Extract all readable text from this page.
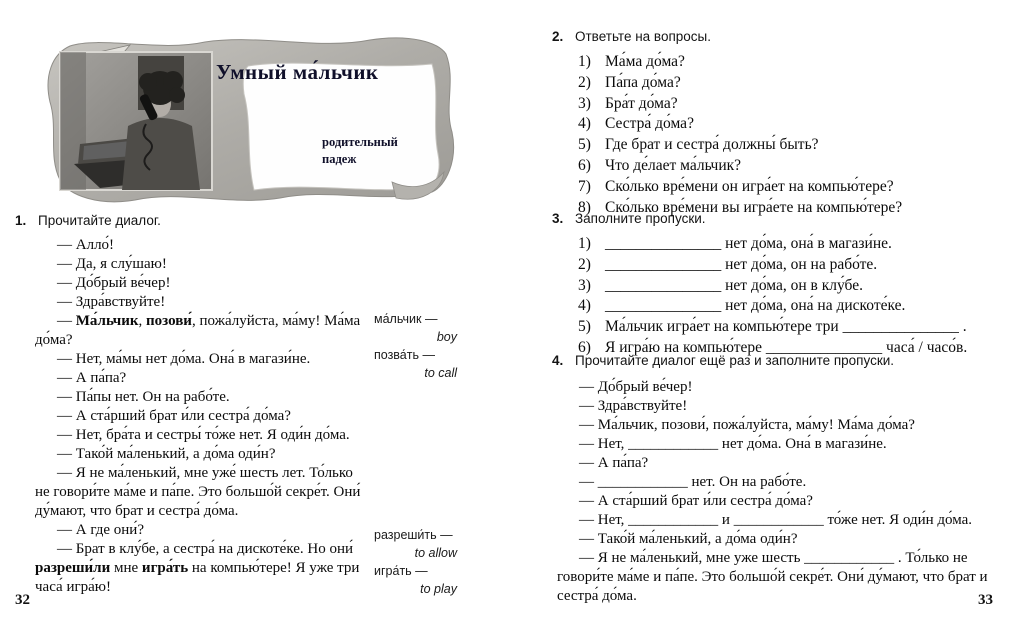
Умный ма́льчик
родительный
падеж
1. Прочитайте диалог.

— Алло́!

— Да, я слу́шаю!

— До́брый ве́чер!

— Здра́вствуйте!

— Ма́льчик, позови́, пожа́луйста, ма́му! Ма́ма до́ма?

— Нет, ма́мы нет до́ма. Она́ в магази́не.

— А па́па?

— Па́пы нет. Он на рабо́те.

— А ста́рший брат и́ли сестра́ до́ма?

— Нет, бра́та и сестры́ то́же нет. Я оди́н до́ма.

— Тако́й ма́ленький, а до́ма оди́н?

— Я не ма́ленький, мне уже́ шесть лет. То́лько не говори́те ма́ме и па́пе. Это большо́й секре́т. Они́ ду́мают, что брат и сестра́ до́ма.

— А где они́?

— Брат в клу́бе, а сестра́ на дискоте́ке. Но они́ разреши́ли мне игра́ть на компью́тере! Я уже три часа́ игра́ю!

ма́льчик —
boy
позва́ть —
to call
разреши́ть —
to allow
игра́ть —
to play
32
2. Ответьте на вопросы.
1) Ма́ма до́ма?
2) Па́па до́ма?
3) Бра́т до́ма?
4) Сестра́ до́ма?
5) Где брат и сестра́ должны́ быть?
6) Что де́лает ма́льчик?
7) Ско́лько вре́мени он игра́ет на компью́тере?
8) Ско́лько вре́мени вы игра́ете на компью́тере?
3. Заполните пропуски.
1) _______________ нет до́ма, она́ в магази́не.
2) _______________ нет до́ма, он на рабо́те.
3) _______________ нет до́ма, он в клу́бе.
4) _______________ нет до́ма, она́ на дискоте́ке.
5) Ма́льчик игра́ет на компью́тере три _______________ .
6) Я игра́ю на компью́тере _______________ часа́ / часо́в.
4. Прочитайте диалог ещё раз и заполните пропуски.

— До́брый ве́чер!

— Здра́вствуйте!

— Ма́льчик, позови́, пожа́луйста, ма́му! Ма́ма до́ма?

— Нет, ____________ нет до́ма. Она́ в магази́не.

— А па́па?

— ____________ нет. Он на рабо́те.

— А ста́рший брат и́ли сестра́ до́ма?

— Нет, ____________ и ____________ то́же нет. Я оди́н до́ма.

— Тако́й ма́ленький, а до́ма оди́н?

— Я не ма́ленький, мне уже шесть ____________ . То́лько не говори́те ма́ме и па́пе. Это большо́й секре́т. Они́ ду́мают, что брат и сестра́ до́ма.	33
